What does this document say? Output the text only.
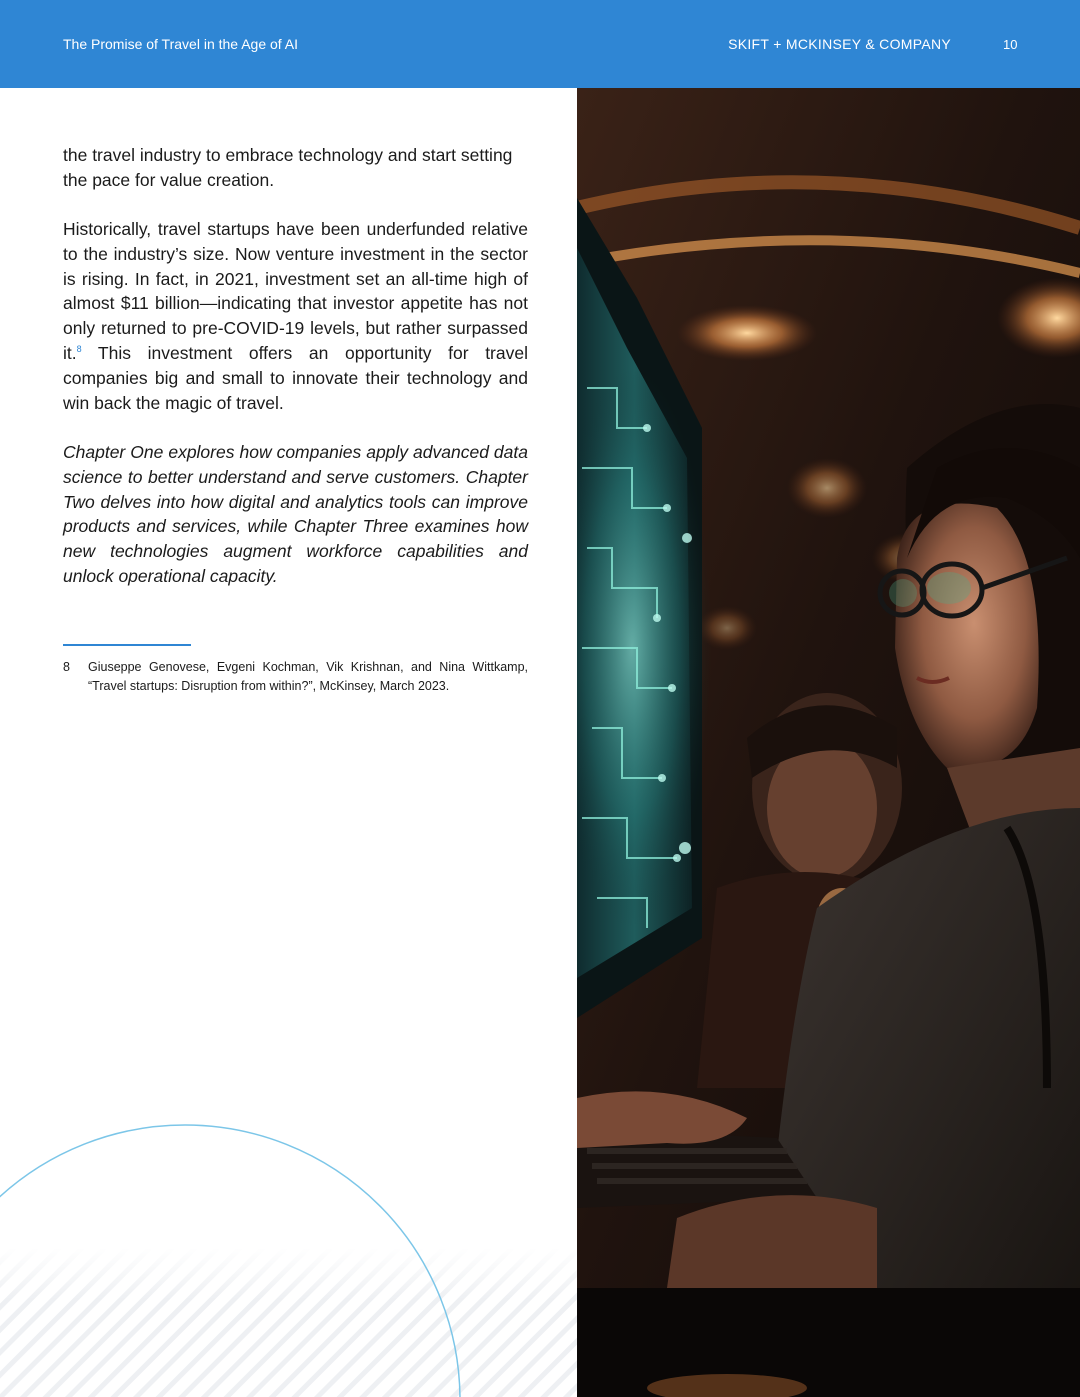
The Promise of Travel in the Age of AI	SKIFT + MCKINSEY & COMPANY	10

the travel industry to embrace technology and start setting the pace for value creation.

Historically, travel startups have been underfunded relative to the industry’s size. Now venture investment in the sector is rising. In fact, in 2021, investment set an all-time high of almost $11 billion—indicating that investor appetite has not only returned to pre-COVID-19 levels, but rather surpassed it.$^8$ This investment offers an opportunity for travel companies big and small to innovate their technology and win back the magic of travel.

Chapter One explores how companies apply advanced data science to better understand and serve customers. Chapter Two delves into how digital and analytics tools can improve products and services, while Chapter Three examines how new technologies augment workforce capabilities and unlock operational capacity.

8 Giuseppe Genovese, Evgeni Kochman, Vik Krishnan, and Nina Wittkamp, “Travel startups: Disruption from within?”, McKinsey, March 2023.
